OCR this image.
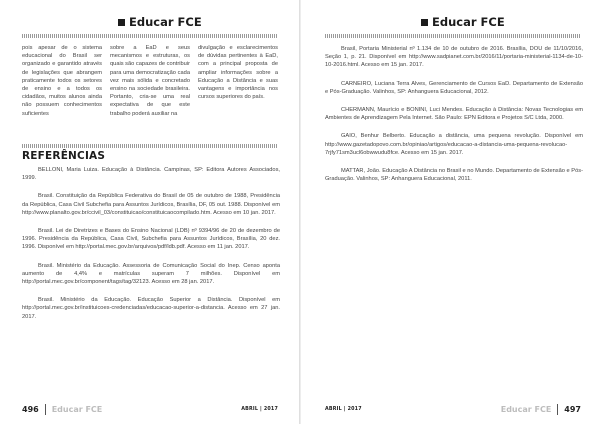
Educar FCE
pois apesar de o sistema educacional do Brasil ser organizado e garantido através de legislações que abrangem praticamente todos os setores de ensino e a todos os cidadãos, muitos alunos ainda não possuem conhecimentos suficientes
sobre a EaD e seus mecanismos e estruturas, os quais são capazes de contribuir para uma democratização cada vez mais sólida e concretado ensino na sociedade brasileira. Portanto, cria-se uma real expectativa de que este trabalho poderá auxiliar na
divulgação e esclarecimentos de dúvidas pertinentes à EaD, com a principal proposta de ampliar informações sobre a Educação a Distância e suas vantagens e importância nos cursos superiores do país.
REFERÊNCIAS

BELLONI, Maria Luiza. Educação à Distância. Campinas, SP: Editora Autores Associados, 1999.

Brasil. Constituição da República Federativa do Brasil de 05 de outubro de 1988, Presidência da República, Casa Civil Subchefia para Assuntos Jurídicos, Brasília, DF, 05 out. 1988. Disponível em http://www.planalto.gov.br/ccivil_03/constituicao/constituicaocompilado.htm. Acesso em 10 jan. 2017.

Brasil. Lei de Diretrizes e Bases do Ensino Nacional (LDB) nº 9394/96 de 20 de dezembro de 1996. Presidência da República, Casa Civil, Subchefia para Assuntos Jurídicos, Brasília, 20 dez. 1996. Disponível em http://portal.mec.gov.br/arquivos/pdf/ldb.pdf. Acesso em 11 jan. 2017.

Brasil. Ministério da Educação. Assessoria de Comunicação Social do Inep. Censo aponta aumento de 4,4% e matrículas superam 7 milhões. Disponível em http://portal.mec.gov.br/component/tags/tag/32123. Acesso em 28 jan. 2017.

Brasil. Ministério da Educação. Educação Superior a Distância. Disponível em http://portal.mec.gov.br/instituicoes-credenciadas/educacao-superior-a-distancia. Acesso em 27 jan. 2017.

496 Educar FCE	ABRIL | 2017
Educar FCE

Brasil, Portaria Ministerial nº 1.134 de 10 de outubro de 2016. Brasília, DOU de 11/10/2016, Seção 1, p. 21. Disponível em http://www.sadpianet.com.br/2016/11/portaria-ministerial-1134-de-10-10-2016.html. Acesso em 15 jan. 2017.

CARNEIRO, Luciana Terra Alves, Gerenciamento de Cursos EaD. Departamento de Extensão e Pós-Graduação. Valinhos, SP: Anhanguera Educacional, 2012.

CHERMANN, Maurício e BONINI, Luci Mendes. Educação à Distância: Novas Tecnologias em Ambientes de Aprendizagem Pela Internet. São Paulo: EPN Editora e Projetos S/C Ltda, 2000.

GAIO, Benhur Belberto. Educação a distância, uma pequena revolução. Disponível em http://www.gazetadopovo.com.br/opiniao/artigos/educacao-a-distancia-uma-pequena-revolucao-7rjfy71sm3ucl6obwwudu8fce. Acesso em 15 jan. 2017.

MATTAR, João. Educação A Distância no Brasil e no Mundo. Departamento de Extensão e Pós-Graduação. Valinhos, SP: Anhanguera Educacional, 2011.

ABRIL | 2017	Educar FCE 497
